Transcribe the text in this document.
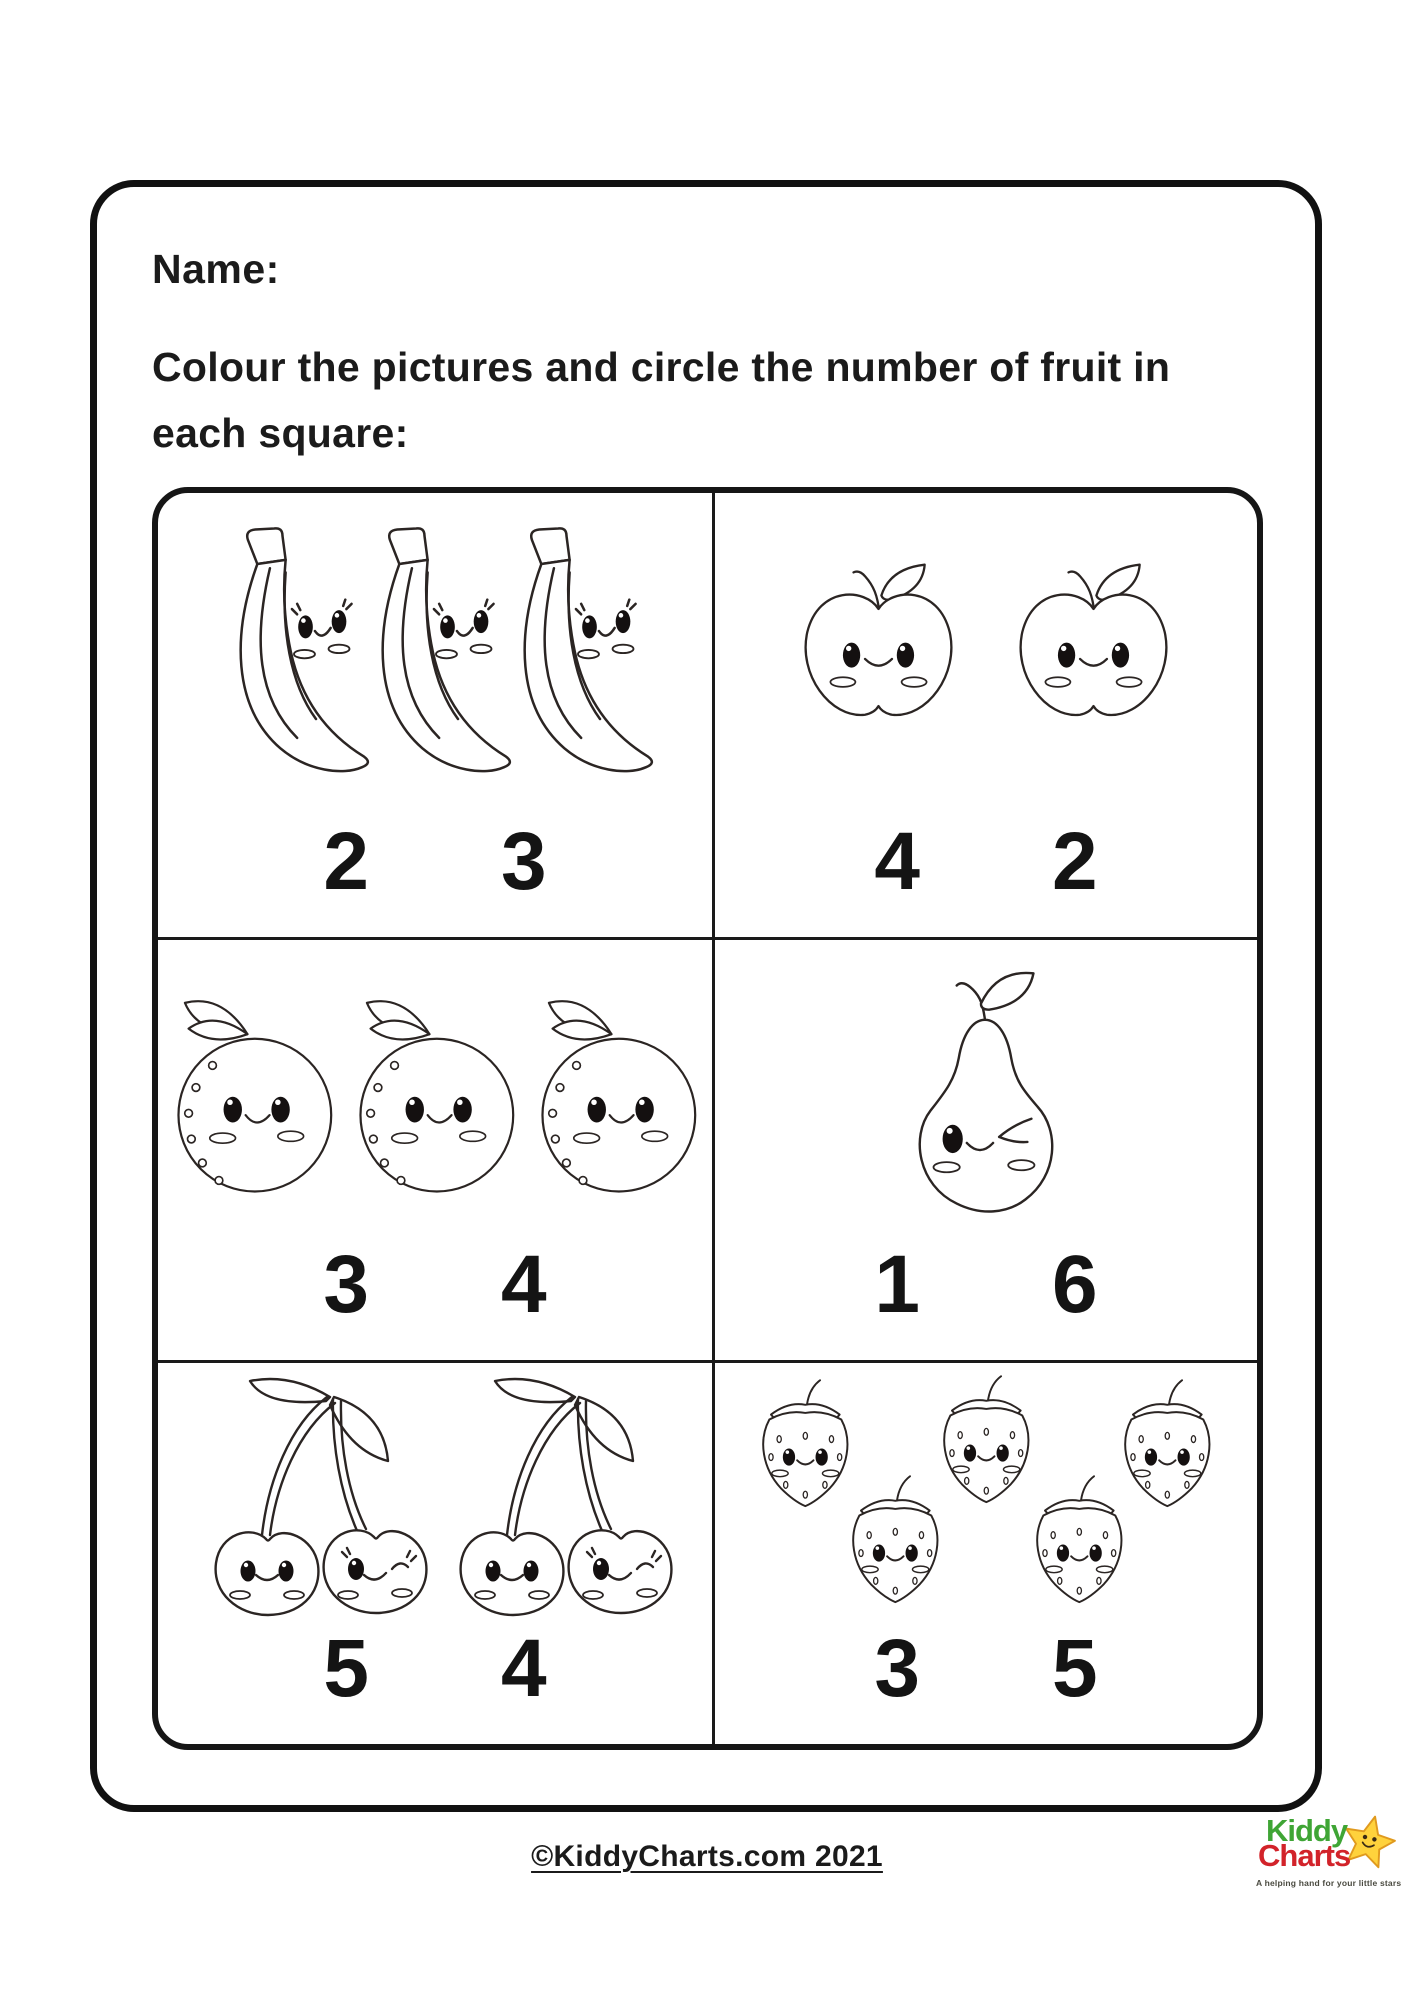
Name:
Colour the pictures and circle the number of fruit in
each square:
2 3	4 2
3 4	1 6
5 4	3 5
©KiddyCharts.com 2021
Kiddy
Charts
A helping hand for your little stars
